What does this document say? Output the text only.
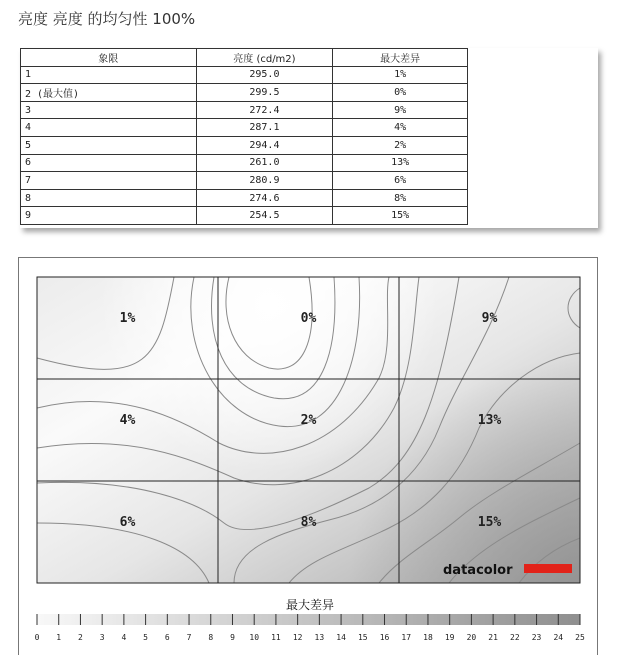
亮度 亮度 的均匀性 100%
象限	亮度 (cd/m2)	最大差异
1	295.0	1%
2 (最大值)	299.5	0%
3	272.4	9%
4	287.1	4%
5	294.4	2%
6	261.0	13%
7	280.9	6%
8	274.6	8%
9	254.5	15%
1%	0%	9%
4%	2%	13%
6%	8%	15%
datacolor
最大差异
0 1 2 3 4 5 6 7 8 9 10 11 12 13 14 15 16 17 18 19 20 21 22 23 24 25
